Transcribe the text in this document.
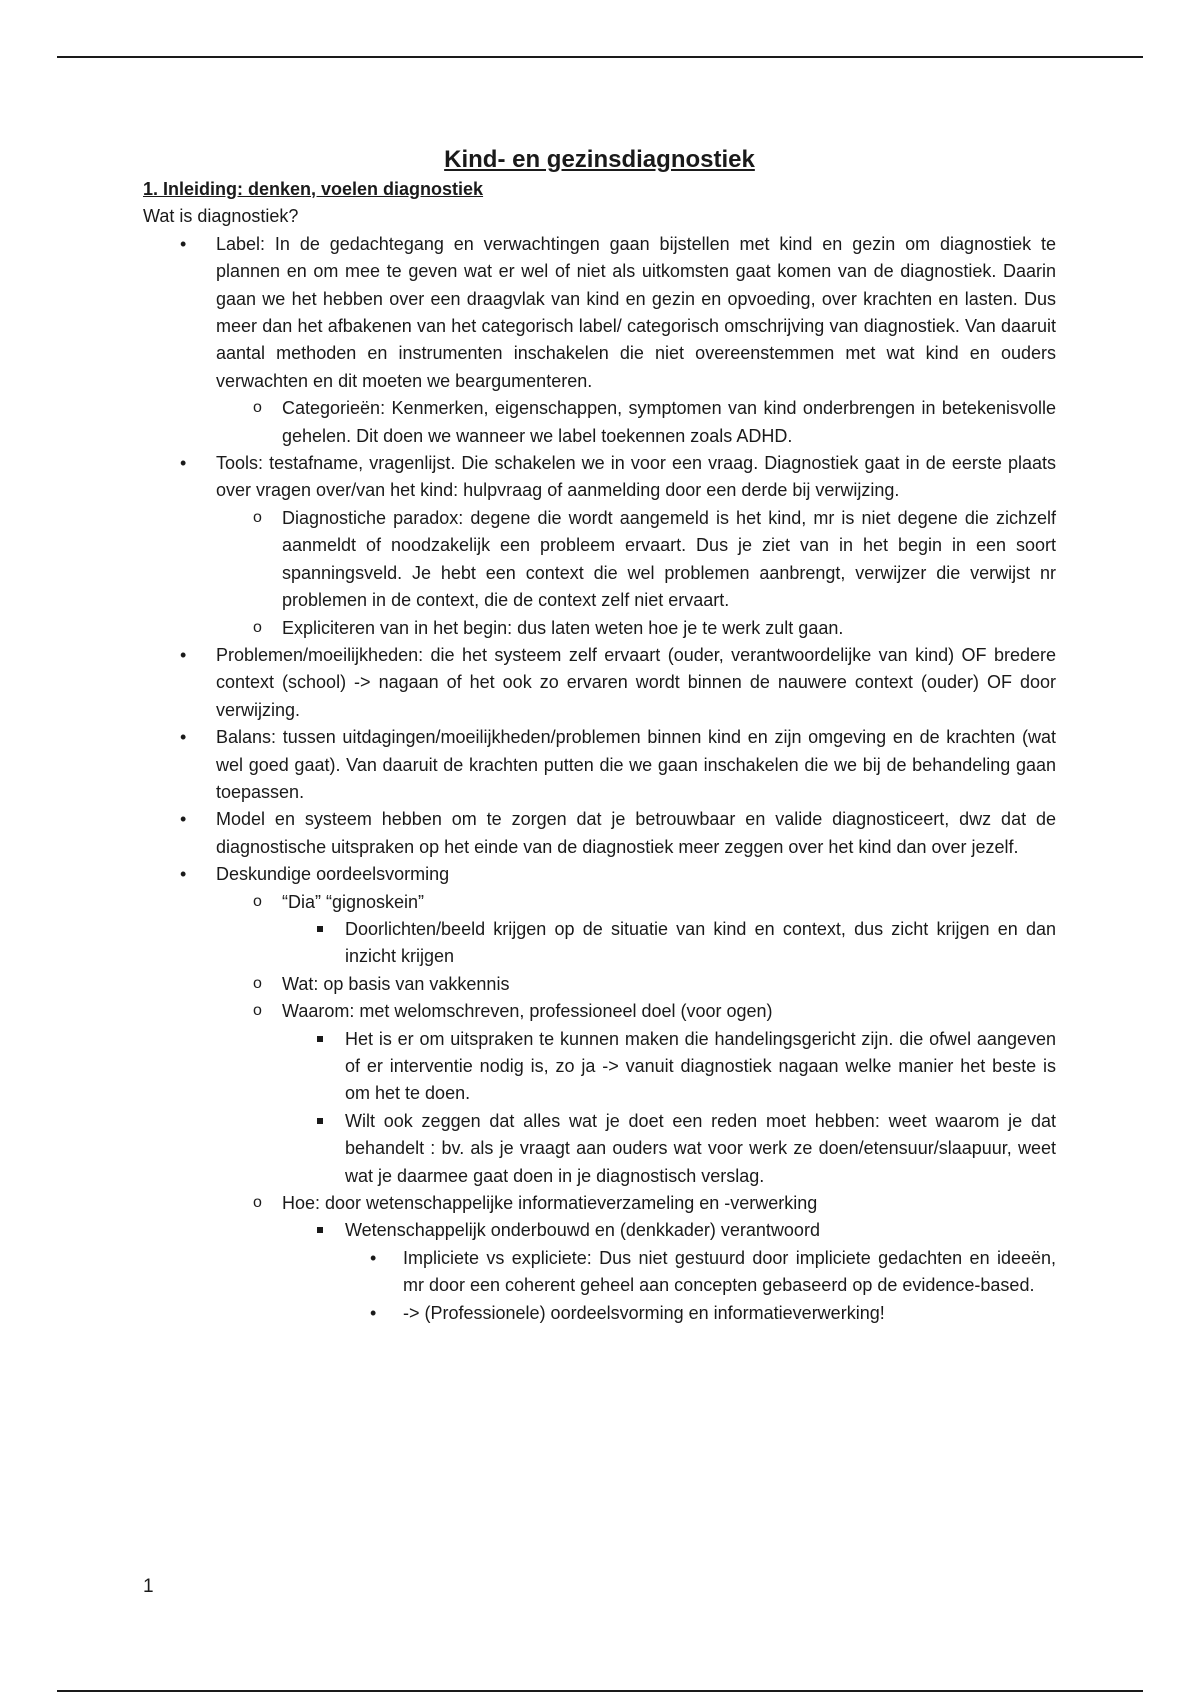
Kind- en gezinsdiagnostiek

1. Inleiding: denken, voelen diagnostiek

Wat is diagnostiek?

• Label: In de gedachtegang en verwachtingen gaan bijstellen met kind en gezin om diagnostiek te plannen en om mee te geven wat er wel of niet als uitkomsten gaat komen van de diagnostiek. Daarin gaan we het hebben over een draagvlak van kind en gezin en opvoeding, over krachten en lasten. Dus meer dan het afbakenen van het categorisch label/ categorisch omschrijving van diagnostiek. Van daaruit aantal methoden en instrumenten inschakelen die niet overeenstemmen met wat kind en ouders verwachten en dit moeten we beargumenteren.
o Categorieën: Kenmerken, eigenschappen, symptomen van kind onderbrengen in betekenisvolle gehelen. Dit doen we wanneer we label toekennen zoals ADHD.
• Tools: testafname, vragenlijst. Die schakelen we in voor een vraag. Diagnostiek gaat in de eerste plaats over vragen over/van het kind: hulpvraag of aanmelding door een derde bij verwijzing.
o Diagnostiche paradox: degene die wordt aangemeld is het kind, mr is niet degene die zichzelf aanmeldt of noodzakelijk een probleem ervaart. Dus je ziet van in het begin in een soort spanningsveld. Je hebt een context die wel problemen aanbrengt, verwijzer die verwijst nr problemen in de context, die de context zelf niet ervaart.
o Expliciteren van in het begin: dus laten weten hoe je te werk zult gaan.
• Problemen/moeilijkheden: die het systeem zelf ervaart (ouder, verantwoordelijke van kind) OF bredere context (school) -> nagaan of het ook zo ervaren wordt binnen de nauwere context (ouder) OF door verwijzing.
• Balans: tussen uitdagingen/moeilijkheden/problemen binnen kind en zijn omgeving en de krachten (wat wel goed gaat). Van daaruit de krachten putten die we gaan inschakelen die we bij de behandeling gaan toepassen.
• Model en systeem hebben om te zorgen dat je betrouwbaar en valide diagnosticeert, dwz dat de diagnostische uitspraken op het einde van de diagnostiek meer zeggen over het kind dan over jezelf.
• Deskundige oordeelsvorming
o “Dia” “gignoskein”
Doorlichten/beeld krijgen op de situatie van kind en context, dus zicht krijgen en dan inzicht krijgen
o Wat: op basis van vakkennis
o Waarom: met welomschreven, professioneel doel (voor ogen)
Het is er om uitspraken te kunnen maken die handelingsgericht zijn. die ofwel aangeven of er interventie nodig is, zo ja -> vanuit diagnostiek nagaan welke manier het beste is om het te doen.
Wilt ook zeggen dat alles wat je doet een reden moet hebben: weet waarom je dat behandelt : bv. als je vraagt aan ouders wat voor werk ze doen/etensuur/slaapuur, weet wat je daarmee gaat doen in je diagnostisch verslag.
o Hoe: door wetenschappelijke informatieverzameling en -verwerking
Wetenschappelijk onderbouwd en (denkkader) verantwoord
• Impliciete vs expliciete: Dus niet gestuurd door impliciete gedachten en ideeën, mr door een coherent geheel aan concepten gebaseerd op de evidence-based.
• -> (Professionele) oordeelsvorming en informatieverwerking!
1
